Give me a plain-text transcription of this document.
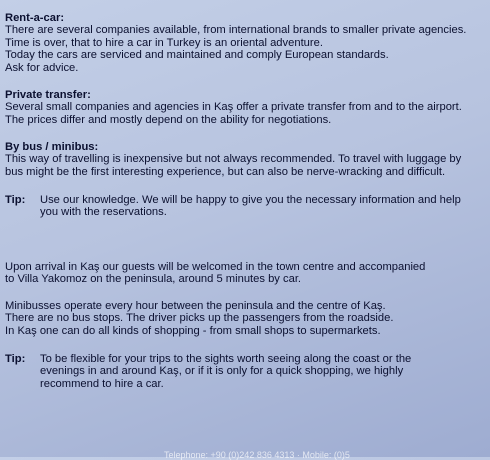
Rent-a-car:
There are several companies available, from international brands to smaller private agencies.
Time is over, that to hire a car in Turkey is an oriental adventure.
Today the cars are serviced and maintained and comply European standards.
Ask for advice.
Private transfer:
Several small companies and agencies in Kaş offer a private transfer from and to the airport.
The prices differ and mostly depend on the ability for negotiations.
By bus / minibus:
This way of travelling is inexpensive but not always recommended. To travel with luggage by
bus might be the first interesting experience, but can also be nerve-wracking and difficult.
Tip: Use our knowledge. We will be happy to give you the necessary information and help
you with the reservations.
Upon arrival in Kaş our guests will be welcomed in the town centre and accompanied
to Villa Yakomoz on the peninsula, around 5 minutes by car.
Minibusses operate every hour between the peninsula and the centre of Kaş.
There are no bus stops. The driver picks up the passengers from the roadside.
In Kaş one can do all kinds of shopping - from small shops to supermarkets.
Tip: To be flexible for your trips to the sights worth seeing along the coast or the
evenings in and around Kaş, or if it is only for a quick shopping, we highly
recommend to hire a car.
Telephone: +90 (0)242 836 4313 · Mobile: (0)5
